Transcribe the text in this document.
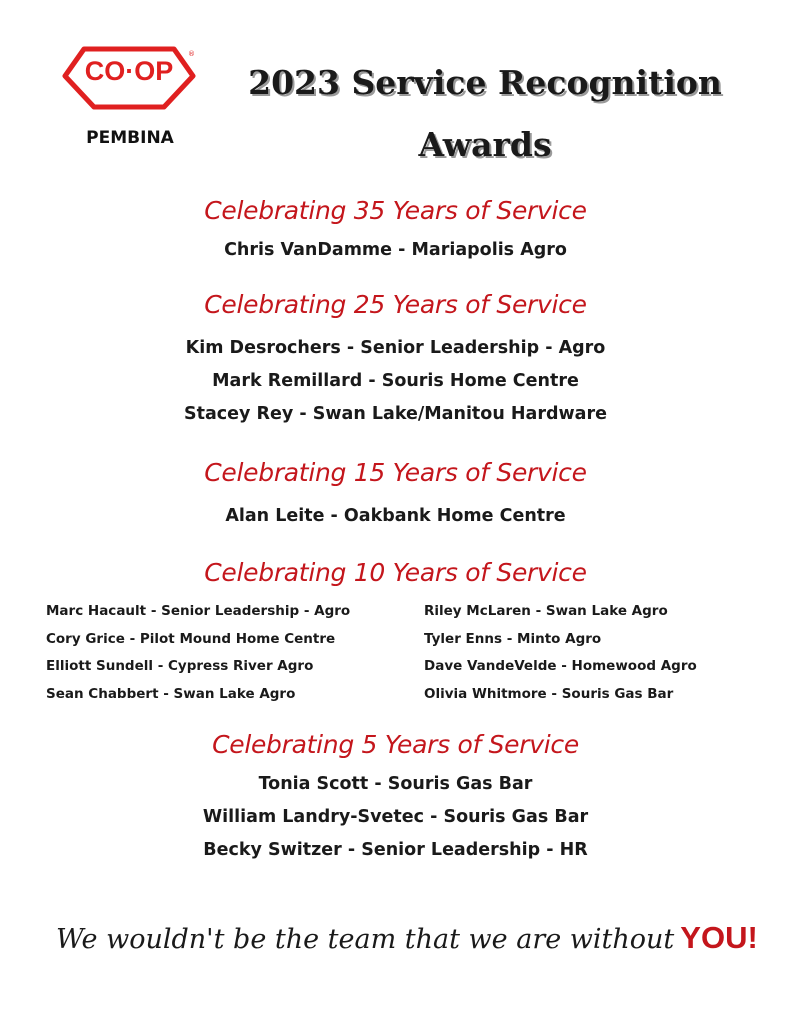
CO·OP
®
PEMBINA
2023 Service Recognition
Awards
Celebrating 35 Years of Service
Chris VanDamme - Mariapolis Agro
Celebrating 25 Years of Service
Kim Desrochers - Senior Leadership - Agro
Mark Remillard - Souris Home Centre
Stacey Rey - Swan Lake/Manitou Hardware
Celebrating 15 Years of Service
Alan Leite - Oakbank Home Centre
Celebrating 10 Years of Service
Marc Hacault - Senior Leadership - Agro
Cory Grice - Pilot Mound Home Centre
Elliott Sundell - Cypress River Agro
Sean Chabbert - Swan Lake Agro
Riley McLaren - Swan Lake Agro
Tyler Enns - Minto Agro
Dave VandeVelde - Homewood Agro
Olivia Whitmore - Souris Gas Bar
Celebrating 5 Years of Service
Tonia Scott - Souris Gas Bar
William Landry-Svetec - Souris Gas Bar
Becky Switzer - Senior Leadership - HR
We wouldn't be the team that we are without YOU!
